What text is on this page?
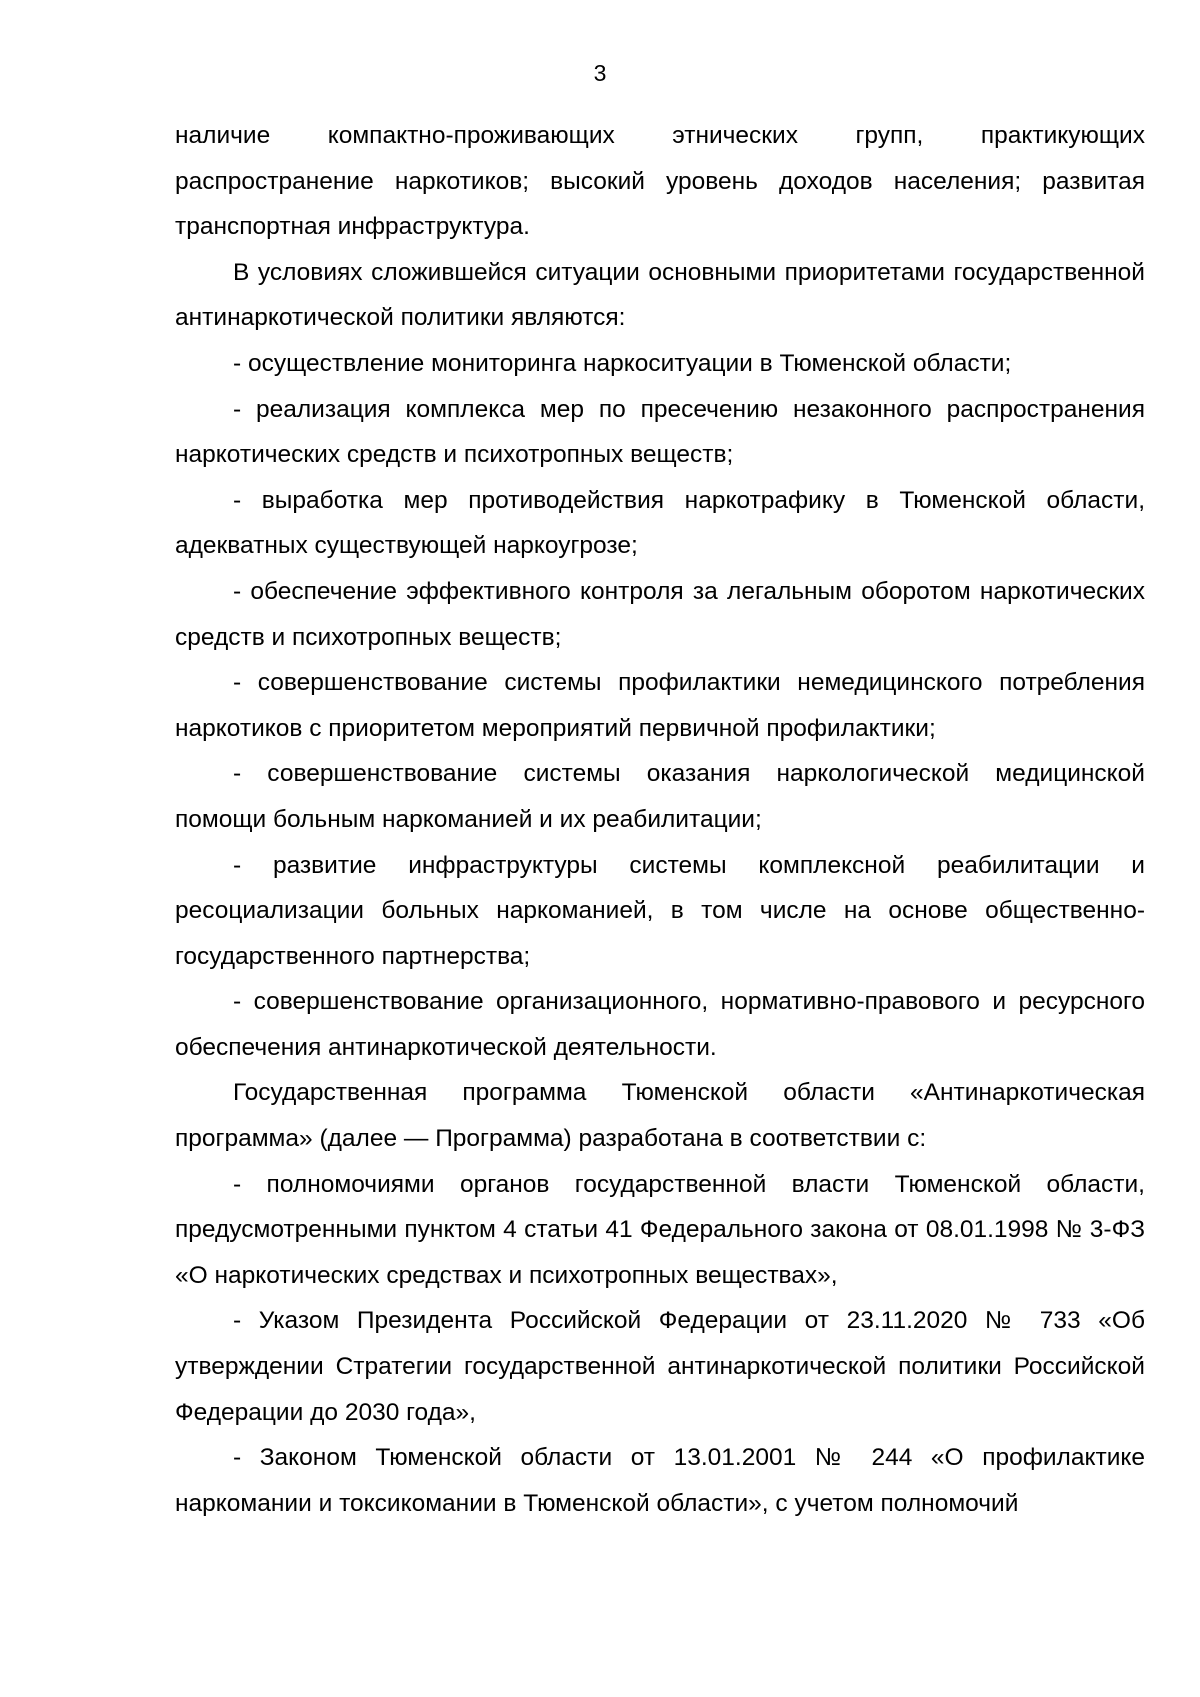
3

наличие компактно-проживающих этнических групп, практикующих распространение наркотиков; высокий уровень доходов населения; развитая транспортная инфраструктура.

В условиях сложившейся ситуации основными приоритетами государственной антинаркотической политики являются:

- осуществление мониторинга наркоситуации в Тюменской области;

- реализация комплекса мер по пресечению незаконного распространения наркотических средств и психотропных веществ;

- выработка мер противодействия наркотрафику в Тюменской области, адекватных существующей наркоугрозе;

- обеспечение эффективного контроля за легальным оборотом наркотических средств и психотропных веществ;

- совершенствование системы профилактики немедицинского потребления наркотиков с приоритетом мероприятий первичной профилактики;

- совершенствование системы оказания наркологической медицинской помощи больным наркоманией и их реабилитации;

- развитие инфраструктуры системы комплексной реабилитации и ресоциализации больных наркоманией, в том числе на основе общественно-государственного партнерства;

- совершенствование организационного, нормативно-правового и ресурсного обеспечения антинаркотической деятельности.

Государственная программа Тюменской области «Антинаркотическая программа» (далее — Программа) разработана в соответствии с:

- полномочиями органов государственной власти Тюменской области, предусмотренными пунктом 4 статьи 41 Федерального закона от 08.01.1998 № 3-ФЗ «О наркотических средствах и психотропных веществах»,

- Указом Президента Российской Федерации от 23.11.2020 № 733 «Об утверждении Стратегии государственной антинаркотической политики Российской Федерации до 2030 года»,

- Законом Тюменской области от 13.01.2001 № 244 «О профилактике наркомании и токсикомании в Тюменской области», с учетом полномочий
